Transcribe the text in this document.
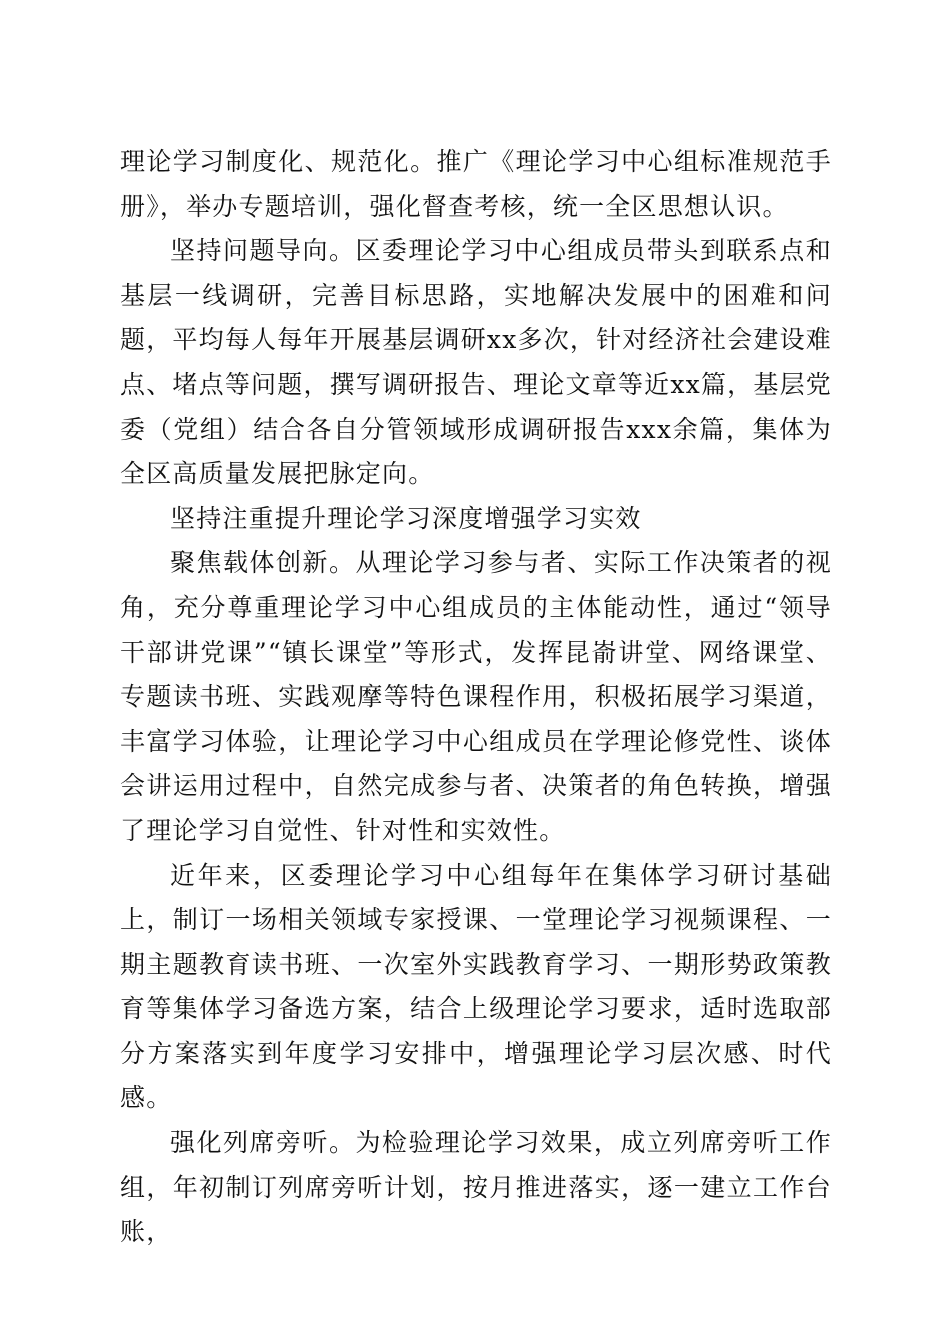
理论学习制度化、规范化。推广《理论学习中心组标准规范手册》，举办专题培训，强化督查考核，统一全区思想认识。

坚持问题导向。区委理论学习中心组成员带头到联系点和基层一线调研，完善目标思路，实地解决发展中的困难和问题，平均每人每年开展基层调研xx多次，针对经济社会建设难点、堵点等问题，撰写调研报告、理论文章等近xx篇，基层党委（党组）结合各自分管领域形成调研报告xxx余篇，集体为全区高质量发展把脉定向。

坚持注重提升理论学习深度增强学习实效

聚焦载体创新。从理论学习参与者、实际工作决策者的视角，充分尊重理论学习中心组成员的主体能动性，通过“领导干部讲党课”“镇长课堂”等形式，发挥昆嵛讲堂、网络课堂、专题读书班、实践观摩等特色课程作用，积极拓展学习渠道，丰富学习体验，让理论学习中心组成员在学理论修党性、谈体会讲运用过程中，自然完成参与者、决策者的角色转换，增强了理论学习自觉性、针对性和实效性。

近年来，区委理论学习中心组每年在集体学习研讨基础上，制订一场相关领域专家授课、一堂理论学习视频课程、一期主题教育读书班、一次室外实践教育学习、一期形势政策教育等集体学习备选方案，结合上级理论学习要求，适时选取部分方案落实到年度学习安排中，增强理论学习层次感、时代感。

强化列席旁听。为检验理论学习效果，成立列席旁听工作组，年初制订列席旁听计划，按月推进落实，逐一建立工作台账，
